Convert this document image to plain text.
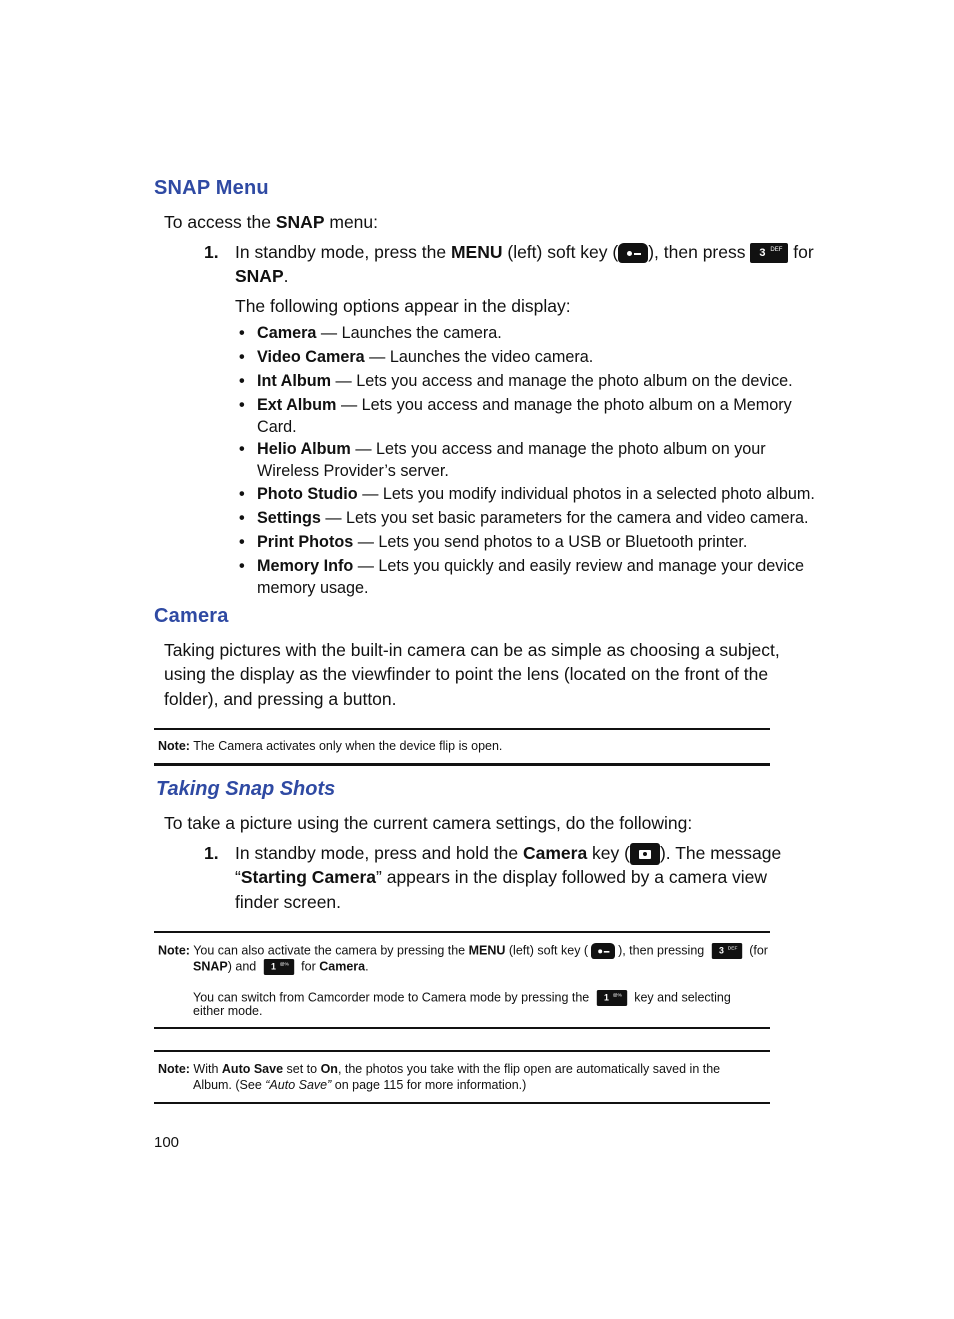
SNAP Menu
To access the SNAP menu:
1. In standby mode, press the MENU (left) soft key ( ), then press 3 DEF for
SNAP.
The following options appear in the display:
• Camera — Launches the camera.
• Video Camera — Launches the video camera.
• Int Album — Lets you access and manage the photo album on the device.
• Ext Album — Lets you access and manage the photo album on a Memory
Card.
• Helio Album — Lets you access and manage the photo album on your
Wireless Provider’s server.
• Photo Studio — Lets you modify individual photos in a selected photo album.
• Settings — Lets you set basic parameters for the camera and video camera.
• Print Photos — Lets you send photos to a USB or Bluetooth printer.
• Memory Info — Lets you quickly and easily review and manage your device
memory usage.
Camera
Taking pictures with the built-in camera can be as simple as choosing a subject,
using the display as the viewfinder to point the lens (located on the front of the
folder), and pressing a button.
Note: The Camera activates only when the device flip is open.
Taking Snap Shots
To take a picture using the current camera settings, do the following:
1. In standby mode, press and hold the Camera key ( ). The message
“Starting Camera” appears in the display followed by a camera view
finder screen.
Note: You can also activate the camera by pressing the MENU (left) soft key ( ), then pressing 3 DEF (for
SNAP) and 1 @% for Camera.
You can switch from Camcorder mode to Camera mode by pressing the 1 @% key and selecting
either mode.
Note: With Auto Save set to On, the photos you take with the flip open are automatically saved in the
Album. (See “Auto Save” on page 115 for more information.)
100
